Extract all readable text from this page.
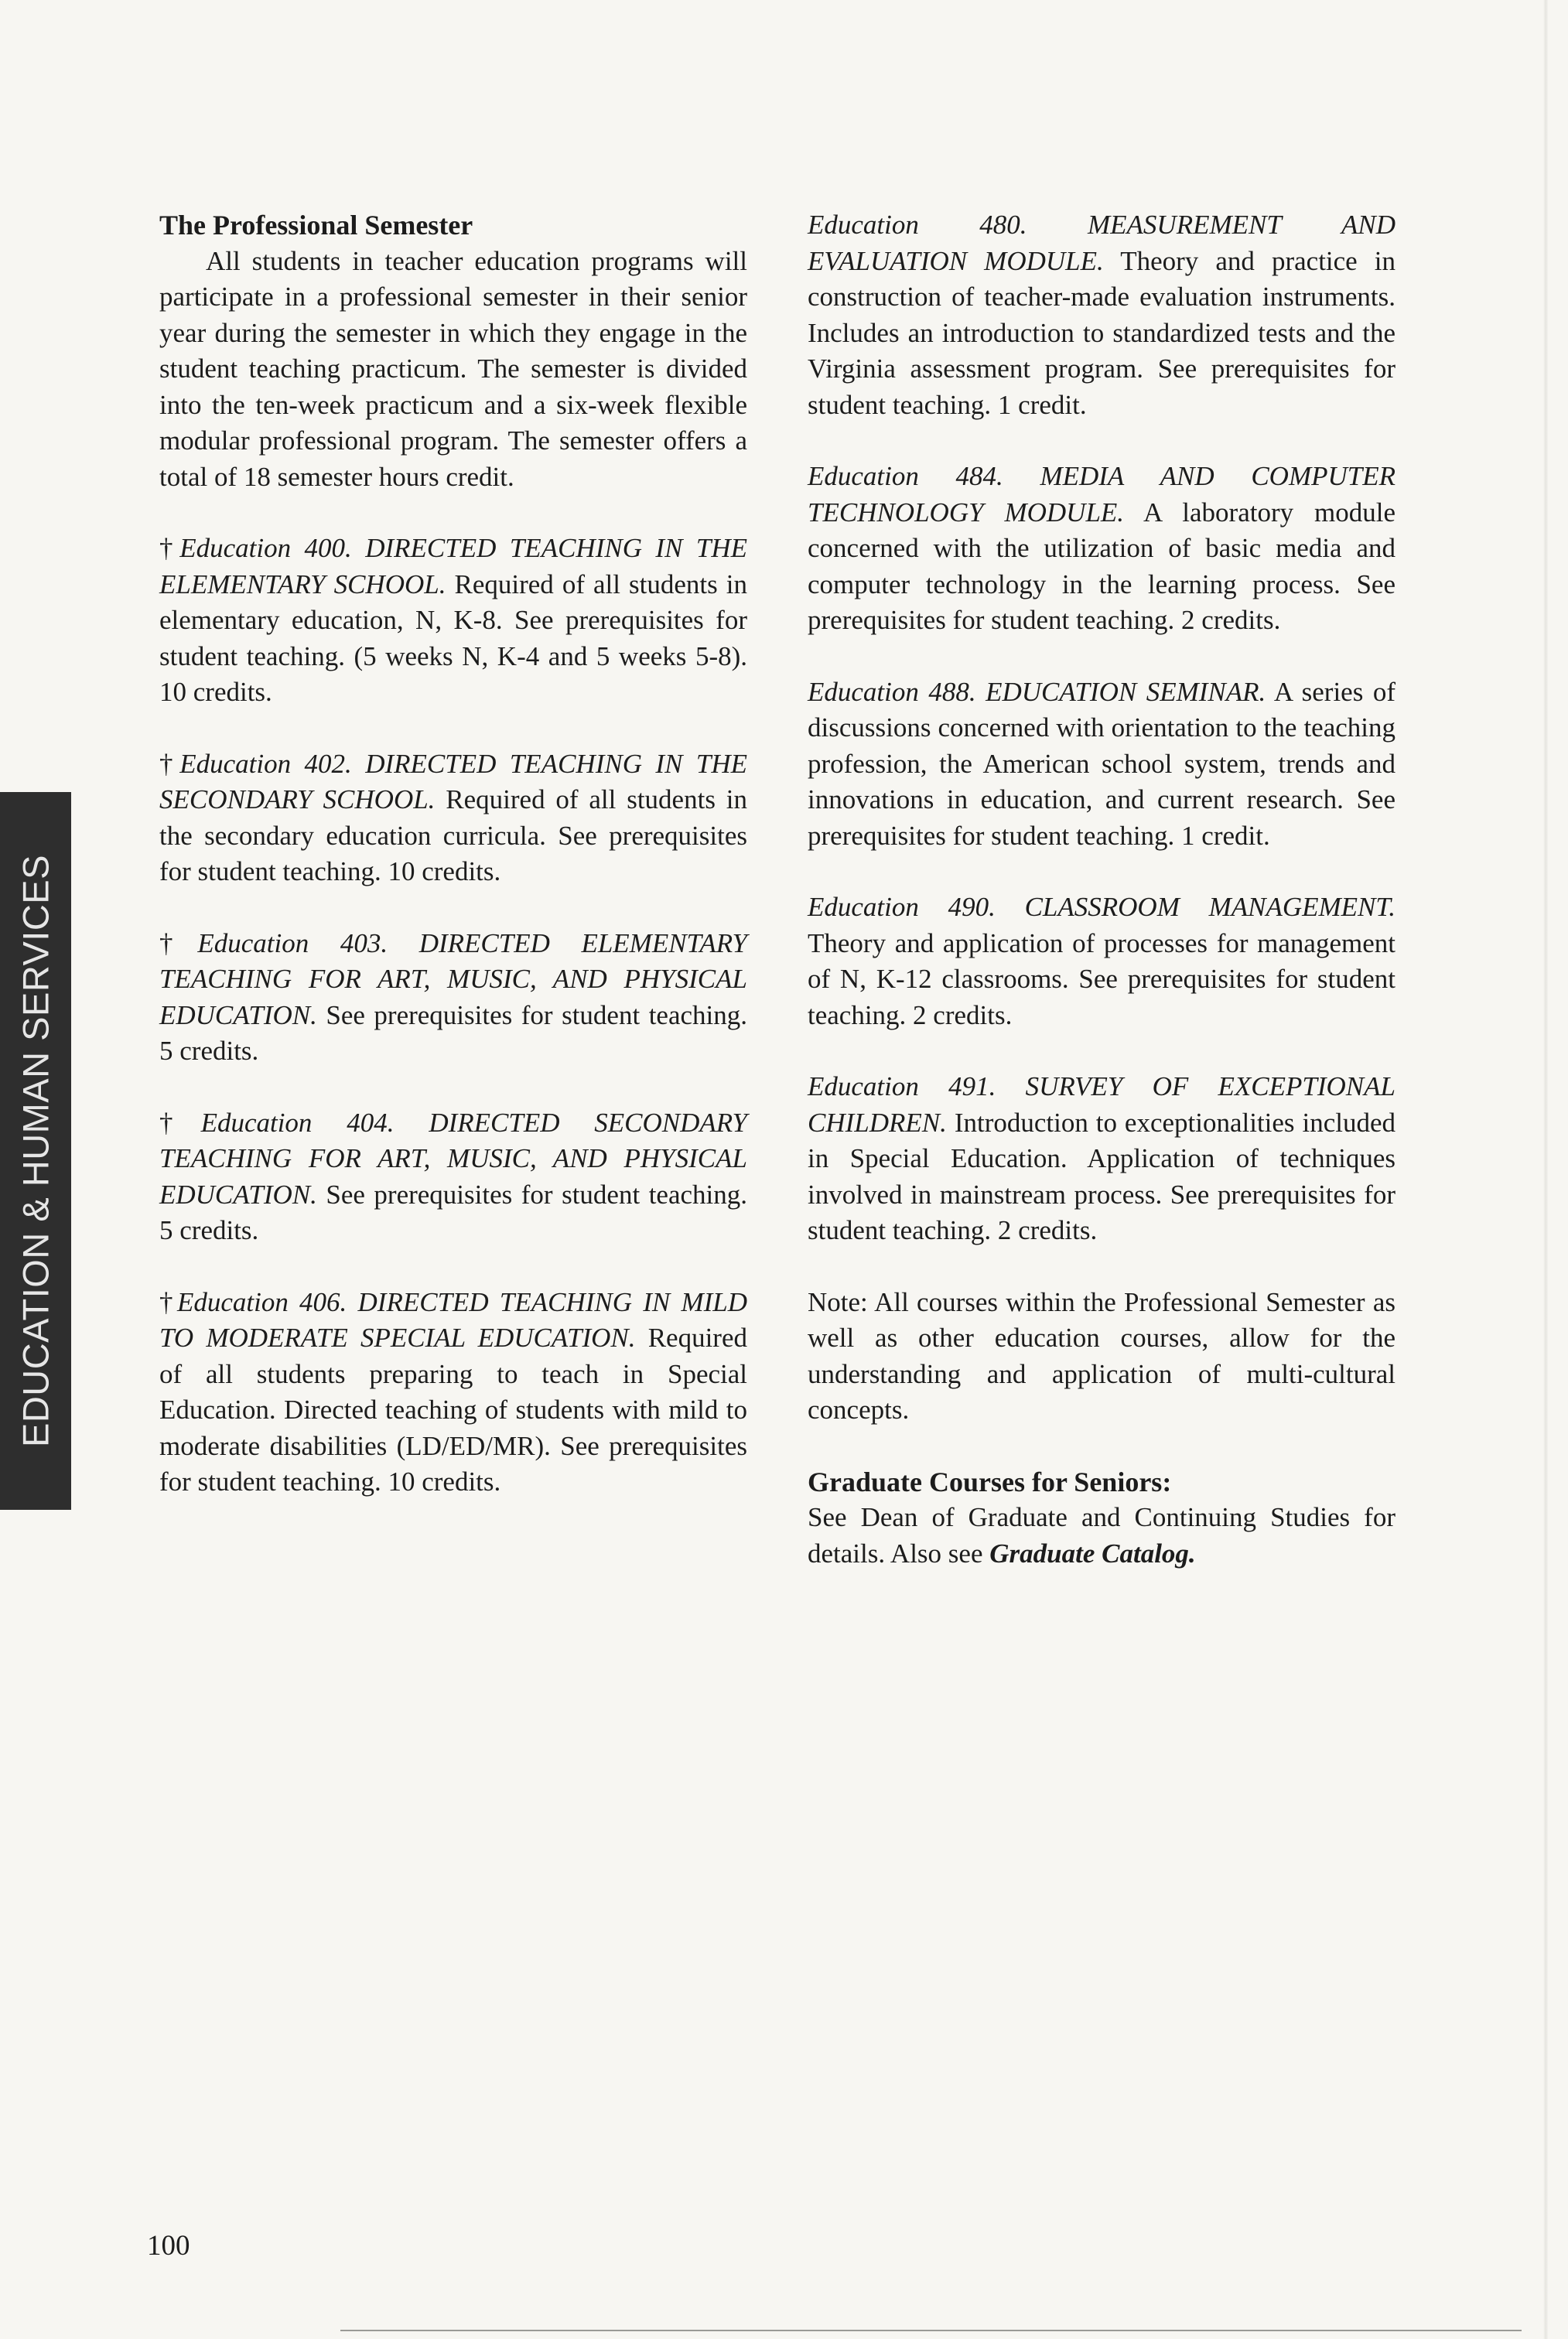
EDUCATION & HUMAN SERVICES
The Professional Semester
All students in teacher education programs will participate in a professional semester in their senior year during the semester in which they engage in the student teaching practicum. The semester is divided into the ten-week practicum and a six-week flexible modular professional program. The semester offers a total of 18 semester hours credit.
†Education 400. DIRECTED TEACHING IN THE ELEMENTARY SCHOOL. Required of all students in elementary education, N, K-8. See prerequisites for student teaching. (5 weeks N, K-4 and 5 weeks 5-8). 10 credits.
†Education 402. DIRECTED TEACHING IN THE SECONDARY SCHOOL. Required of all students in the secondary education curricula. See prerequisites for student teaching. 10 credits.
†Education 403. DIRECTED ELEMENTARY TEACHING FOR ART, MUSIC, AND PHYSICAL EDUCATION. See prerequisites for student teaching. 5 credits.
†Education 404. DIRECTED SECONDARY TEACHING FOR ART, MUSIC, AND PHYSICAL EDUCATION. See prerequisites for student teaching. 5 credits.
†Education 406. DIRECTED TEACHING IN MILD TO MODERATE SPECIAL EDUCATION. Required of all students preparing to teach in Special Education. Directed teaching of students with mild to moderate disabilities (LD/ED/MR). See prerequisites for student teaching. 10 credits.
Education 480. MEASUREMENT AND EVALUATION MODULE. Theory and practice in construction of teacher-made evaluation instruments. Includes an introduction to standardized tests and the Virginia assessment program. See prerequisites for student teaching. 1 credit.
Education 484. MEDIA AND COMPUTER TECHNOLOGY MODULE. A laboratory module concerned with the utilization of basic media and computer technology in the learning process. See prerequisites for student teaching. 2 credits.
Education 488. EDUCATION SEMINAR. A series of discussions concerned with orientation to the teaching profession, the American school system, trends and innovations in education, and current research. See prerequisites for student teaching. 1 credit.
Education 490. CLASSROOM MANAGEMENT. Theory and application of processes for management of N, K-12 classrooms. See prerequisites for student teaching. 2 credits.
Education 491. SURVEY OF EXCEPTIONAL CHILDREN. Introduction to exceptionalities included in Special Education. Application of techniques involved in mainstream process. See prerequisites for student teaching. 2 credits.
Note: All courses within the Professional Semester as well as other education courses, allow for the understanding and application of multi-cultural concepts.
Graduate Courses for Seniors:
See Dean of Graduate and Continuing Studies for details. Also see Graduate Catalog.
100
